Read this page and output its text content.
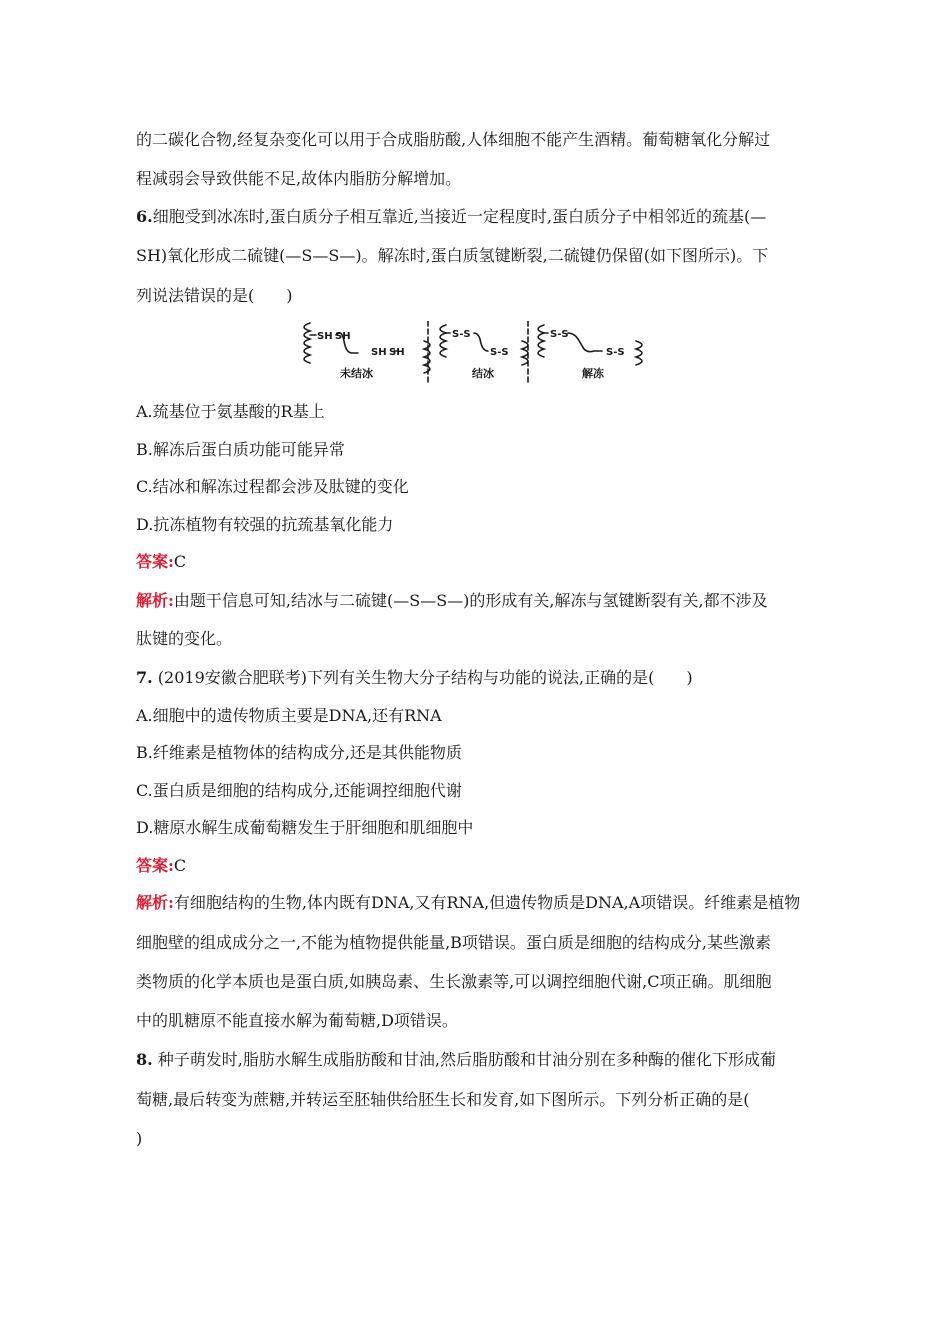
的二碳化合物,经复杂变化可以用于合成脂肪酸,人体细胞不能产生酒精。葡萄糖氧化分解过
程减弱会导致供能不足,故体内脂肪分解增加。
6.细胞受到冰冻时,蛋白质分子相互靠近,当接近一定程度时,蛋白质分子中相邻近的巯基(—
SH)氧化形成二硫键(—S—S—)。解冻时,蛋白质氢键断裂,二硫键仍保留(如下图所示)。下
列说法错误的是(　　)
SH SH
SH SH
S-S
S-S
S-S
S-S
未结冰	结冰	解冻
A.巯基位于氨基酸的R基上
B.解冻后蛋白质功能可能异常
C.结冰和解冻过程都会涉及肽键的变化
D.抗冻植物有较强的抗巯基氧化能力
答案:C
解析:由题干信息可知,结冰与二硫键(—S—S—)的形成有关,解冻与氢键断裂有关,都不涉及
肽键的变化。
7. (2019安徽合肥联考)下列有关生物大分子结构与功能的说法,正确的是(　　)
A.细胞中的遗传物质主要是DNA,还有RNA
B.纤维素是植物体的结构成分,还是其供能物质
C.蛋白质是细胞的结构成分,还能调控细胞代谢
D.糖原水解生成葡萄糖发生于肝细胞和肌细胞中
答案:C
解析:有细胞结构的生物,体内既有DNA,又有RNA,但遗传物质是DNA,A项错误。纤维素是植物
细胞壁的组成成分之一,不能为植物提供能量,B项错误。蛋白质是细胞的结构成分,某些激素
类物质的化学本质也是蛋白质,如胰岛素、生长激素等,可以调控细胞代谢,C项正确。肌细胞
中的肌糖原不能直接水解为葡萄糖,D项错误。
8. 种子萌发时,脂肪水解生成脂肪酸和甘油,然后脂肪酸和甘油分别在多种酶的催化下形成葡
萄糖,最后转变为蔗糖,并转运至胚轴供给胚生长和发育,如下图所示。下列分析正确的是(
)
